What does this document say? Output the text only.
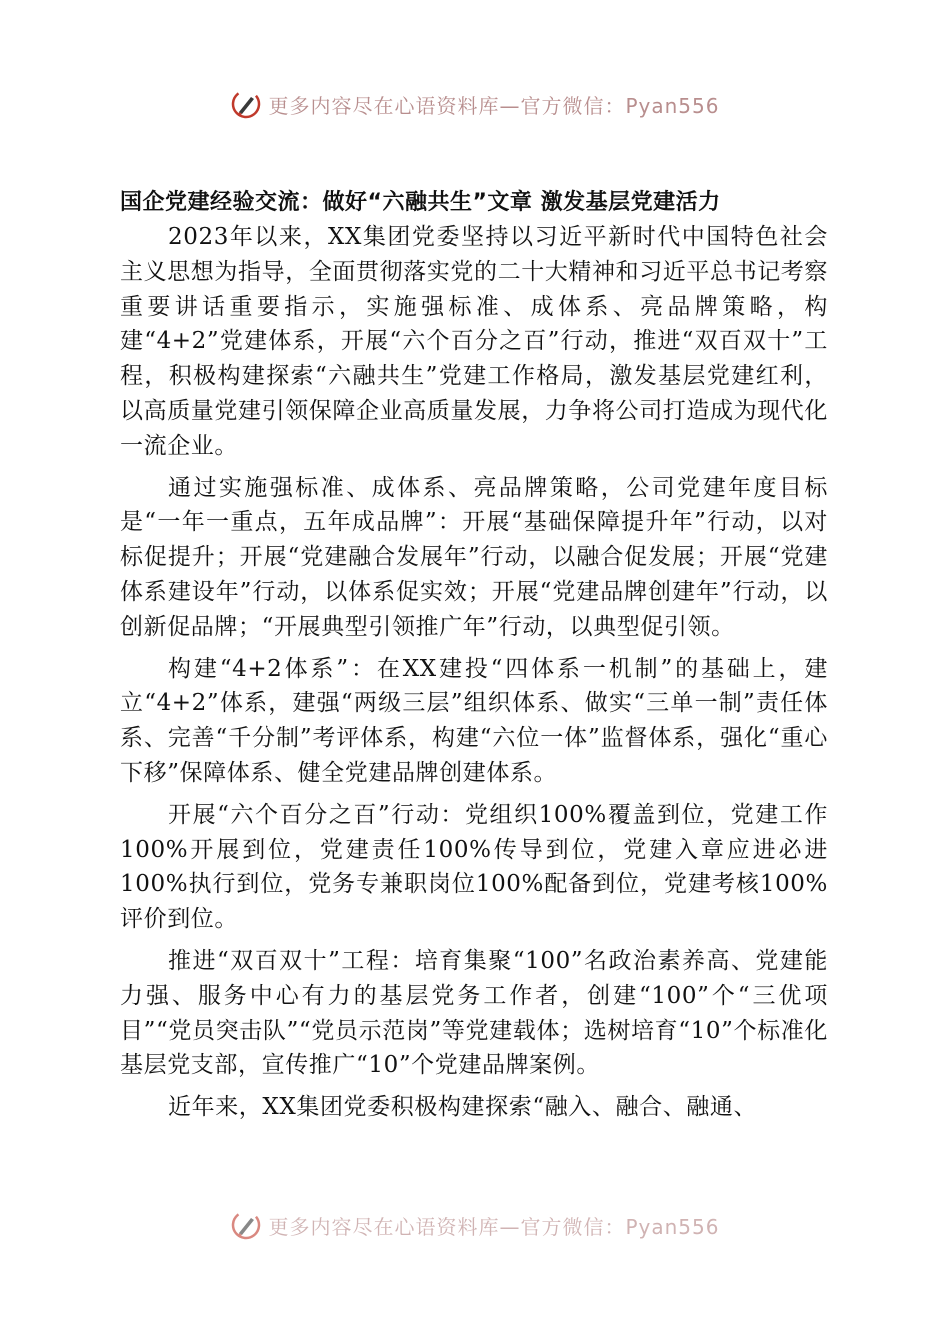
更多内容尽在心语资料库—官方微信：Pyan556
国企党建经验交流：做好“六融共生”文章 激发基层党建活力

2023年以来，XX集团党委坚持以习近平新时代中国特色社会主义思想为指导，全面贯彻落实党的二十大精神和习近平总书记考察重要讲话重要指示，实施强标准、成体系、亮品牌策略，构建“4+2”党建体系，开展“六个百分之百”行动，推进“双百双十”工程，积极构建探索“六融共生”党建工作格局，激发基层党建红利，以高质量党建引领保障企业高质量发展，力争将公司打造成为现代化一流企业。

通过实施强标准、成体系、亮品牌策略，公司党建年度目标是“一年一重点，五年成品牌”：开展“基础保障提升年”行动，以对标促提升；开展“党建融合发展年”行动，以融合促发展；开展“党建体系建设年”行动，以体系促实效；开展“党建品牌创建年”行动，以创新促品牌；“开展典型引领推广年”行动，以典型促引领。

构建“4+2体系”：在XX建投“四体系一机制”的基础上，建立“4+2”体系，建强“两级三层”组织体系、做实“三单一制”责任体系、完善“千分制”考评体系，构建“六位一体”监督体系，强化“重心下移”保障体系、健全党建品牌创建体系。

开展“六个百分之百”行动：党组织100%覆盖到位，党建工作100%开展到位，党建责任100%传导到位，党建入章应进必进100%执行到位，党务专兼职岗位100%配备到位，党建考核100%评价到位。

推进“双百双十”工程：培育集聚“100”名政治素养高、党建能力强、服务中心有力的基层党务工作者，创建“100”个“三优项目”“党员突击队”“党员示范岗”等党建载体；选树培育“10”个标准化基层党支部，宣传推广“10”个党建品牌案例。

近年来，XX集团党委积极构建探索“融入、融合、融通、

更多内容尽在心语资料库—官方微信：Pyan556
